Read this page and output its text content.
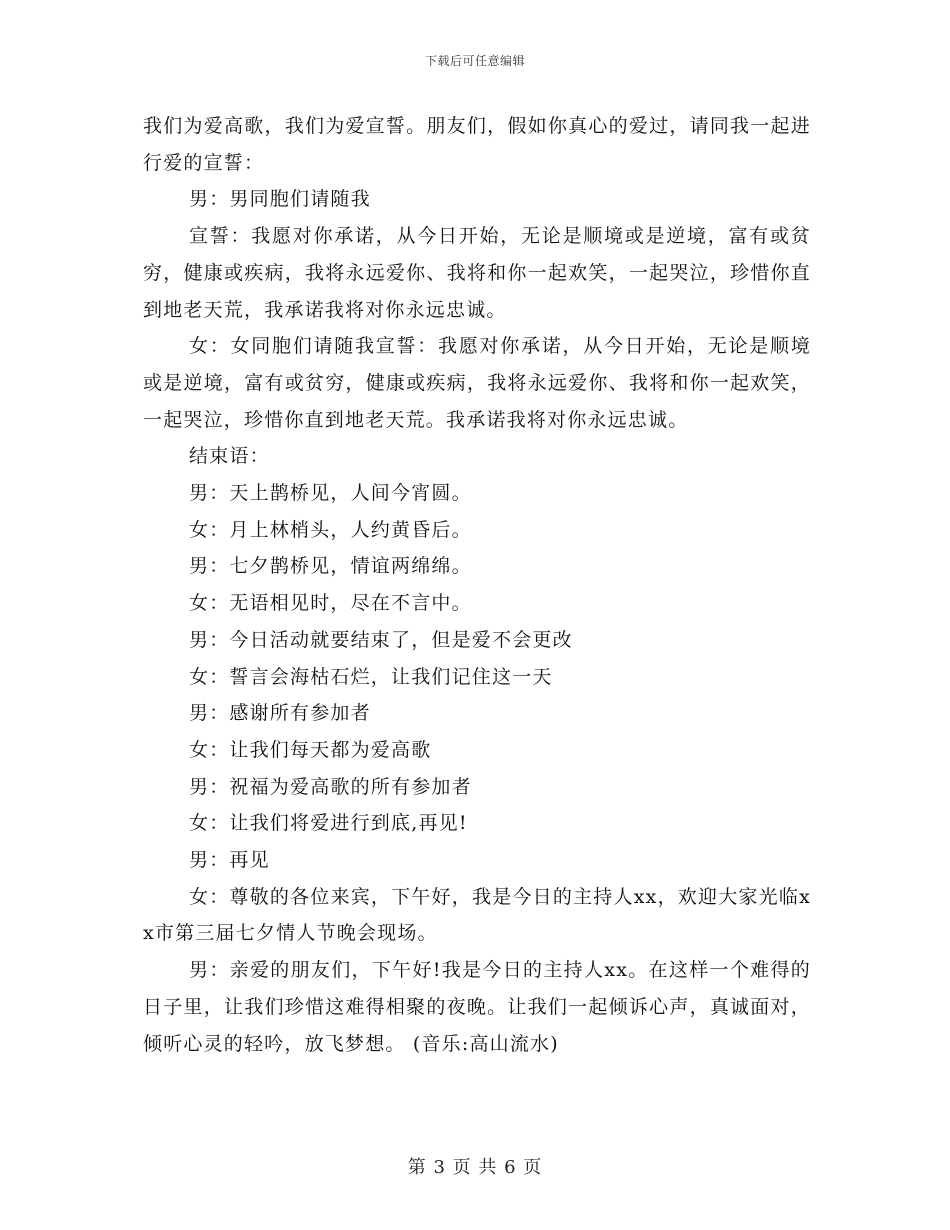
下载后可任意编辑

我们为爱高歌，我们为爱宣誓。朋友们，假如你真心的爱过，请同我一起进行爱的宣誓：

男：男同胞们请随我

宣誓：我愿对你承诺，从今日开始，无论是顺境或是逆境，富有或贫穷，健康或疾病，我将永远爱你、我将和你一起欢笑，一起哭泣，珍惜你直到地老天荒，我承诺我将对你永远忠诚。

女：女同胞们请随我宣誓：我愿对你承诺，从今日开始，无论是顺境或是逆境，富有或贫穷，健康或疾病，我将永远爱你、我将和你一起欢笑，一起哭泣，珍惜你直到地老天荒。我承诺我将对你永远忠诚。

结束语：

男：天上鹊桥见，人间今宵圆。

女：月上林梢头，人约黄昏后。

男：七夕鹊桥见，情谊两绵绵。

女：无语相见时，尽在不言中。

男：今日活动就要结束了，但是爱不会更改

女：誓言会海枯石烂，让我们记住这一天

男：感谢所有参加者

女：让我们每天都为爱高歌

男：祝福为爱高歌的所有参加者

女：让我们将爱进行到底,再见!

男：再见

女：尊敬的各位来宾，下午好，我是今日的主持人xx，欢迎大家光临xx市第三届七夕情人节晚会现场。

男：亲爱的朋友们，下午好!我是今日的主持人xx。在这样一个难得的日子里，让我们珍惜这难得相聚的夜晚。让我们一起倾诉心声，真诚面对，倾听心灵的轻吟，放飞梦想。 (音乐:高山流水)

第 3 页 共 6 页
